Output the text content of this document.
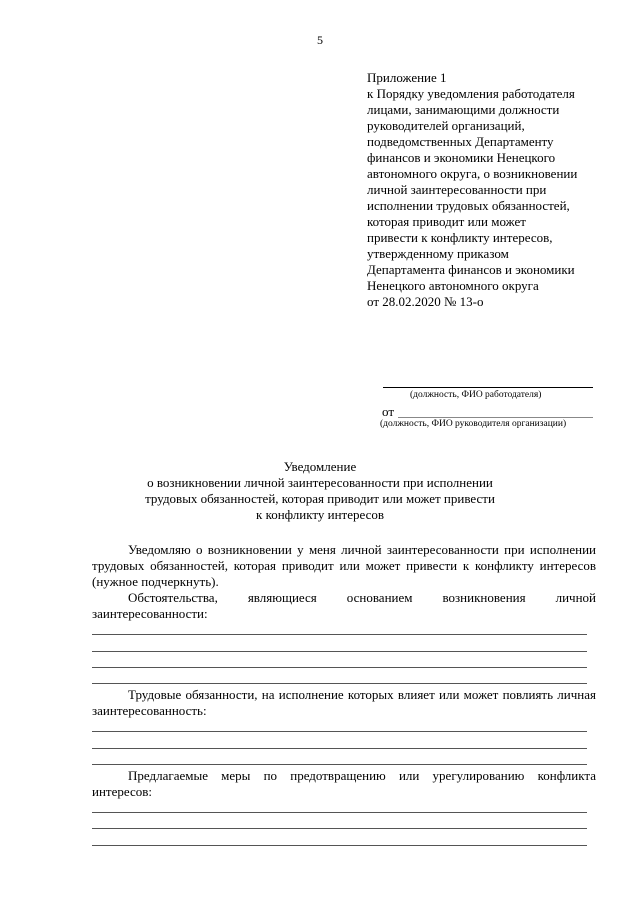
5
Приложение 1
к Порядку уведомления работодателя
лицами, занимающими должности
руководителей организаций,
подведомственных Департаменту
финансов и экономики Ненецкого
автономного округа, о возникновении
личной заинтересованности при
исполнении трудовых обязанностей,
которая приводит или может
привести к конфликту интересов,
утвержденному приказом
Департамента финансов и экономики
Ненецкого автономного округа
от 28.02.2020 № 13-о
(должность, ФИО работодателя)
от
(должность, ФИО руководителя организации)
Уведомление
о возникновении личной заинтересованности при исполнении
трудовых обязанностей, которая приводит или может привести
к конфликту интересов
Уведомляю о возникновении у меня личной заинтересованности при исполнении трудовых обязанностей, которая приводит или может привести к конфликту интересов (нужное подчеркнуть).
Обстоятельства, являющиеся основанием возникновения личной
заинтересованности:
Трудовые обязанности, на исполнение которых влияет или может повлиять личная заинтересованность:
Предлагаемые меры по предотвращению или урегулированию конфликта интересов:
